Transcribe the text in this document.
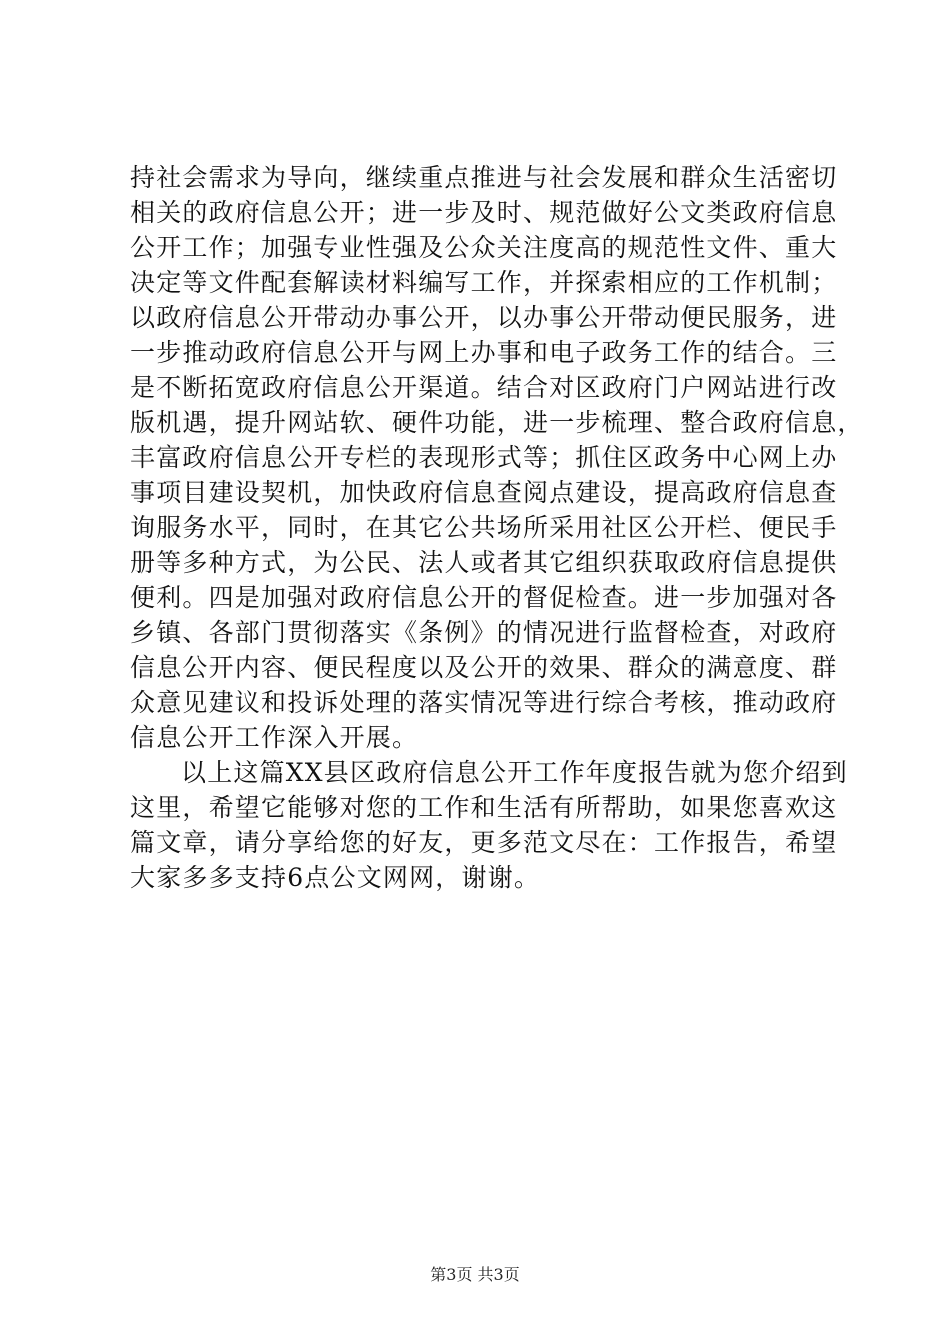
持社会需求为导向，继续重点推进与社会发展和群众生活密切
相关的政府信息公开；进一步及时、规范做好公文类政府信息
公开工作；加强专业性强及公众关注度高的规范性文件、重大
决定等文件配套解读材料编写工作，并探索相应的工作机制；
以政府信息公开带动办事公开，以办事公开带动便民服务，进
一步推动政府信息公开与网上办事和电子政务工作的结合。三
是不断拓宽政府信息公开渠道。结合对区政府门户网站进行改
版机遇，提升网站软、硬件功能，进一步梳理、整合政府信息，
丰富政府信息公开专栏的表现形式等；抓住区政务中心网上办
事项目建设契机，加快政府信息查阅点建设，提高政府信息查
询服务水平，同时，在其它公共场所采用社区公开栏、便民手
册等多种方式，为公民、法人或者其它组织获取政府信息提供
便利。四是加强对政府信息公开的督促检查。进一步加强对各
乡镇、各部门贯彻落实《条例》的情况进行监督检查，对政府
信息公开内容、便民程度以及公开的效果、群众的满意度、群
众意见建议和投诉处理的落实情况等进行综合考核，推动政府
信息公开工作深入开展。
以上这篇XX县区政府信息公开工作年度报告就为您介绍到
这里，希望它能够对您的工作和生活有所帮助，如果您喜欢这
篇文章，请分享给您的好友，更多范文尽在：工作报告，希望
大家多多支持6点公文网网，谢谢。
第3页 共3页
